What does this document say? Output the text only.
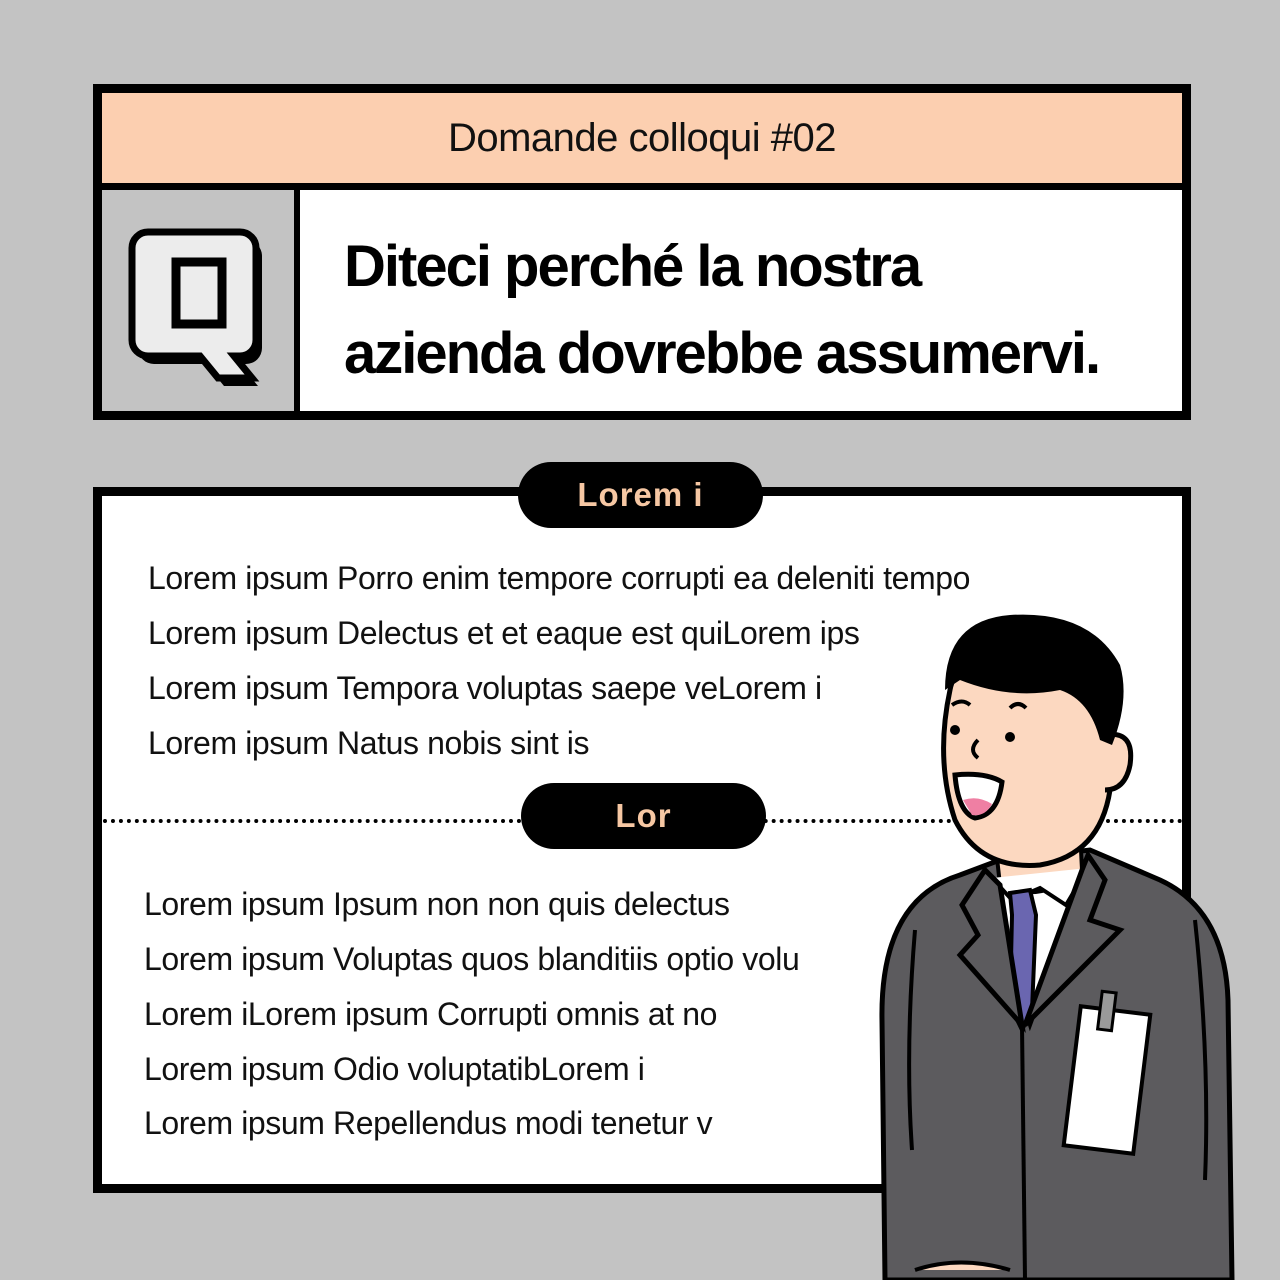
Domande colloqui #02
Diteci perché la nostra
azienda dovrebbe assumervi.
Lorem i
Lor
Lorem ipsum Porro enim tempore corrupti ea deleniti tempo
Lorem ipsum Delectus et et eaque est quiLorem ips
Lorem ipsum Tempora voluptas saepe veLorem i
Lorem ipsum Natus nobis sint is
Lorem ipsum Ipsum non non quis delectus
Lorem ipsum Voluptas quos blanditiis optio volu
Lorem iLorem ipsum Corrupti omnis at no
Lorem ipsum Odio voluptatibLorem i
Lorem ipsum Repellendus modi tenetur v
